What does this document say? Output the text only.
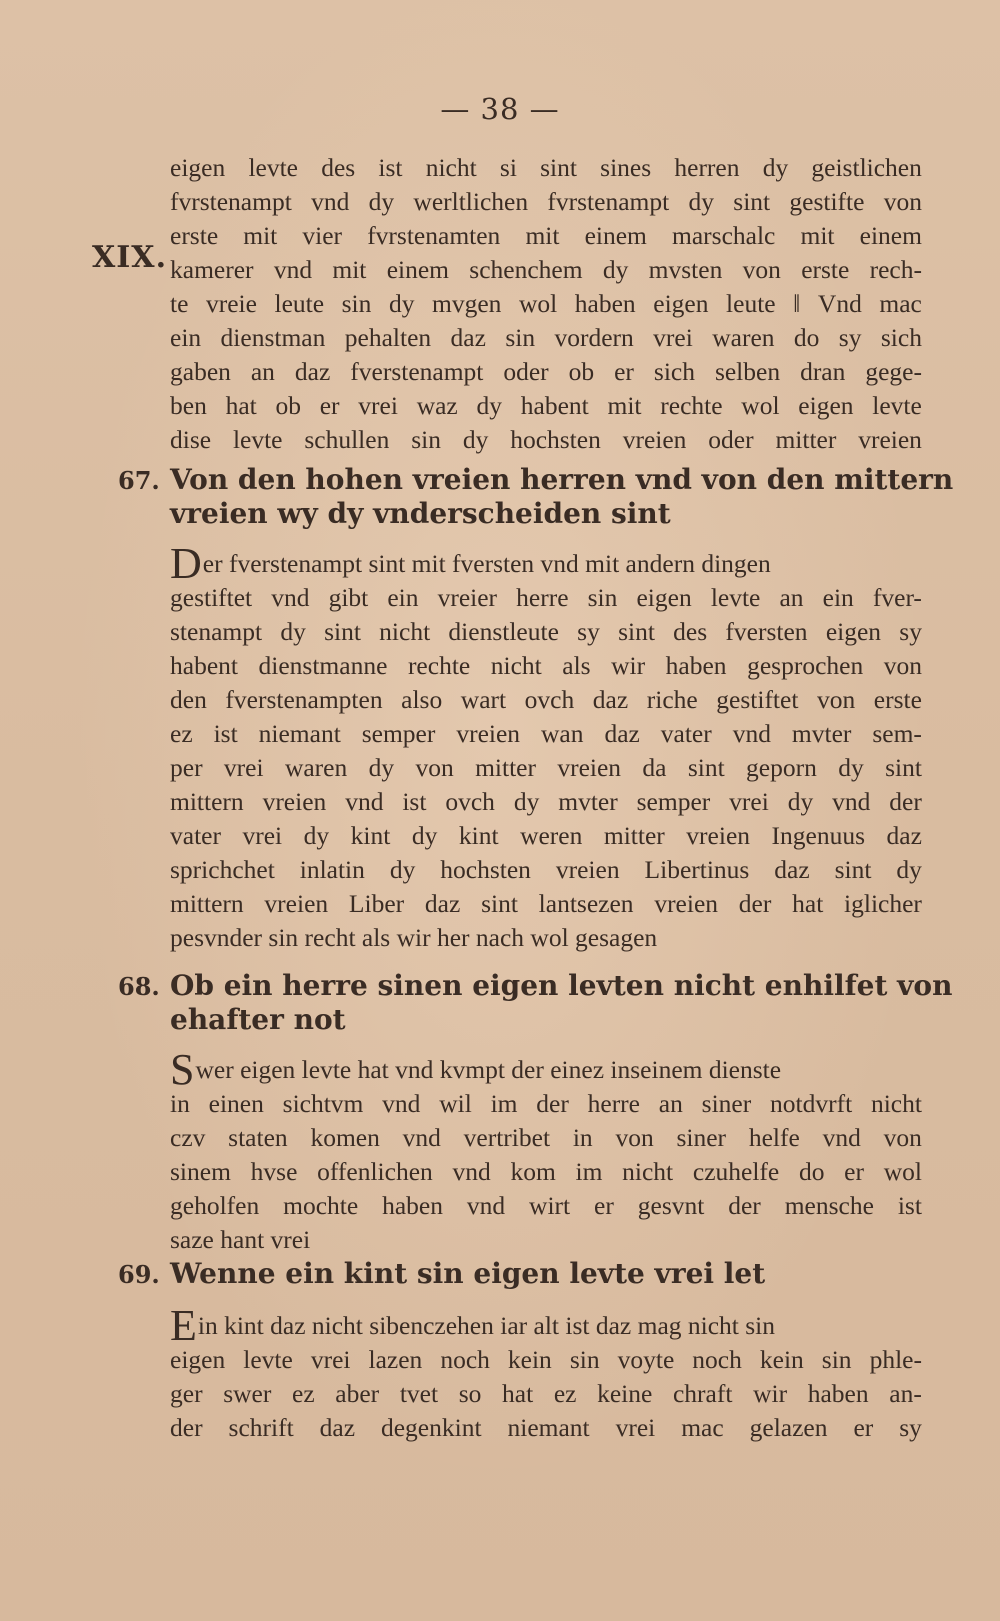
— 38 —
XIX.
eigen levte des ist nicht si sint sines herren dy geistlichen
fvrstenampt vnd dy werltlichen fvrstenampt dy sint gestifte von
erste mit vier fvrstenamten mit einem marschalc mit einem
kamerer vnd mit einem schenchem dy mvsten von erste rech-
te vreie leute sin dy mvgen wol haben eigen leute ‖ Vnd mac
ein dienstman pehalten daz sin vordern vrei waren do sy sich
gaben an daz fverstenampt oder ob er sich selben dran gege-
ben hat ob er vrei waz dy habent mit rechte wol eigen levte
dise levte schullen sin dy hochsten vreien oder mitter vreien
67. Von den hohen vreien herren vnd von den mittern
vreien wy dy vnderscheiden sint
D er fverstenampt sint mit fversten vnd mit andern dingen
gestiftet vnd gibt ein vreier herre sin eigen levte an ein fver-
stenampt dy sint nicht dienstleute sy sint des fversten eigen sy
habent dienstmanne rechte nicht als wir haben gesprochen von
den fverstenampten also wart ovch daz riche gestiftet von erste
ez ist niemant semper vreien wan daz vater vnd mvter sem-
per vrei waren dy von mitter vreien da sint geporn dy sint
mittern vreien vnd ist ovch dy mvter semper vrei dy vnd der
vater vrei dy kint dy kint weren mitter vreien Ingenuus daz
sprichchet inlatin dy hochsten vreien Libertinus daz sint dy
mittern vreien Liber daz sint lantsezen vreien der hat iglicher
pesvnder sin recht als wir her nach wol gesagen
68. Ob ein herre sinen eigen levten nicht enhilfet von
ehafter not
S wer eigen levte hat vnd kvmpt der einez inseinem dienste
in einen sichtvm vnd wil im der herre an siner notdvrft nicht
czv staten komen vnd vertribet in von siner helfe vnd von
sinem hvse offenlichen vnd kom im nicht czuhelfe do er wol
geholfen mochte haben vnd wirt er gesvnt der mensche ist
saze hant vrei
69. Wenne ein kint sin eigen levte vrei let
E in kint daz nicht sibenczehen iar alt ist daz mag nicht sin
eigen levte vrei lazen noch kein sin voyte noch kein sin phle-
ger swer ez aber tvet so hat ez keine chraft wir haben an-
der schrift daz degenkint niemant vrei mac gelazen er sy
